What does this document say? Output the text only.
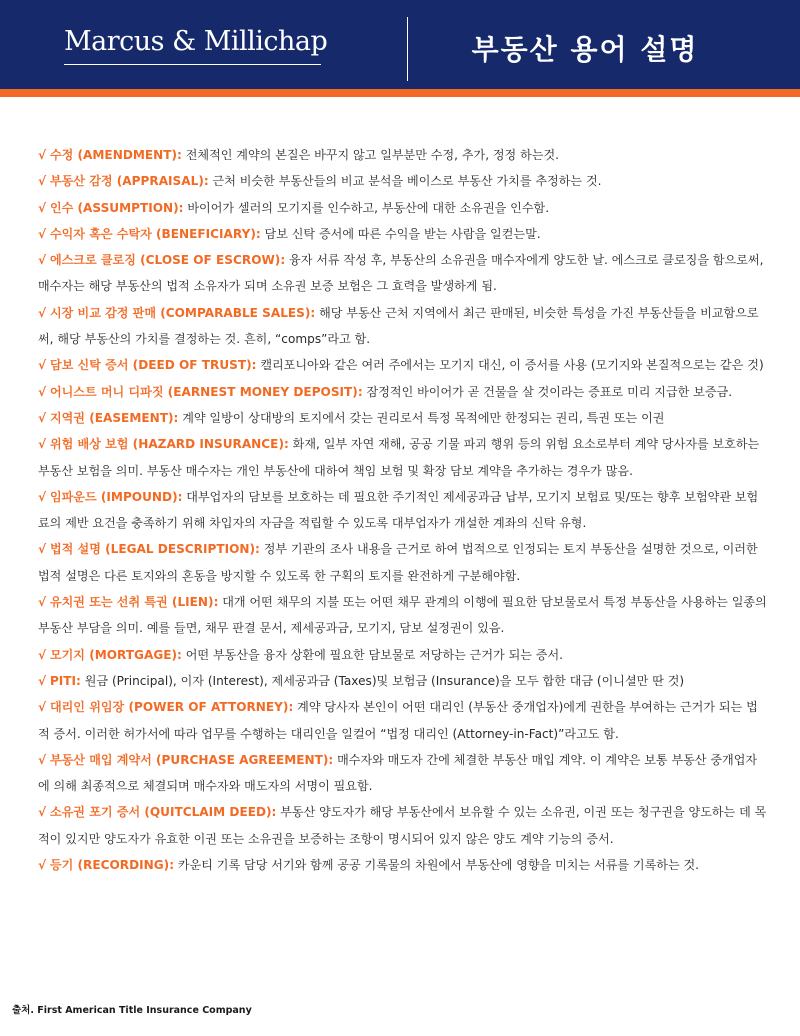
Marcus & Millichap	부동산 용어 설명
√ 수정 (AMENDMENT): 전체적인 계약의 본질은 바꾸지 않고 일부분만 수정, 추가, 정정 하는것.
√ 부동산 감정 (APPRAISAL): 근처 비슷한 부동산들의 비교 분석을 베이스로 부동산 가치를 추정하는 것.
√ 인수 (ASSUMPTION): 바이어가 셀러의 모기지를 인수하고, 부동산에 대한 소유권을 인수함.
√ 수익자 혹은 수탁자 (BENEFICIARY): 담보 신탁 증서에 따른 수익을 받는 사람을 일컫는말.
√ 에스크로 클로징 (CLOSE OF ESCROW): 융자 서류 작성 후, 부동산의 소유권을 매수자에게 양도한 날. 에스크로 클로징을 함으로써, 매수자는 해당 부동산의 법적 소유자가 되며 소유권 보증 보험은 그 효력을 발생하게 됨.
√ 시장 비교 감정 판매 (COMPARABLE SALES): 해당 부동산 근처 지역에서 최근 판매된, 비슷한 특성을 가진 부동산들을 비교함으로써, 해당 부동산의 가치를 결정하는 것. 흔히, “comps”라고 함.
√ 담보 신탁 증서 (DEED OF TRUST): 캘리포니아와 같은 여러 주에서는 모기지 대신, 이 증서를 사용 (모기지와 본질적으로는 같은 것)
√ 어니스트 머니 디파짓 (EARNEST MONEY DEPOSIT): 잠정적인 바이어가 곧 건물을 살 것이라는 증표로 미리 지급한 보증금.
√ 지역권 (EASEMENT): 계약 일방이 상대방의 토지에서 갖는 권리로서 특정 목적에만 한정되는 권리, 특권 또는 이권
√ 위험 배상 보험 (HAZARD INSURANCE): 화재, 일부 자연 재해, 공공 기물 파괴 행위 등의 위험 요소로부터 계약 당사자를 보호하는 부동산 보험을 의미. 부동산 매수자는 개인 부동산에 대하여 책임 보험 및 확장 담보 계약을 추가하는 경우가 많음.
√ 임파운드 (IMPOUND): 대부업자의 담보를 보호하는 데 필요한 주기적인 제세공과금 납부, 모기지 보험료 및/또는 향후 보험약관 보험료의 제반 요건을 충족하기 위해 차입자의 자금을 적립할 수 있도록 대부업자가 개설한 계좌의 신탁 유형.
√ 법적 설명 (LEGAL DESCRIPTION): 정부 기관의 조사 내용을 근거로 하여 법적으로 인정되는 토지 부동산을 설명한 것으로, 이러한 법적 설명은 다른 토지와의 혼동을 방지할 수 있도록 한 구획의 토지를 완전하게 구분해야함.
√ 유치권 또는 선취 특권 (LIEN): 대개 어떤 채무의 지불 또는 어떤 채무 관계의 이행에 필요한 담보물로서 특정 부동산을 사용하는 일종의 부동산 부담을 의미. 예를 들면, 채무 판결 문서, 제세공과금, 모기지, 담보 설정권이 있음.
√ 모기지 (MORTGAGE): 어떤 부동산을 융자 상환에 필요한 담보물로 저당하는 근거가 되는 증서.
√ PITI: 원금 (Principal), 이자 (Interest), 제세공과금 (Taxes)및 보험금 (Insurance)을 모두 합한 대금 (이니셜만 딴 것)
√ 대리인 위임장 (POWER OF ATTORNEY): 계약 당사자 본인이 어떤 대리인 (부동산 중개업자)에게 권한을 부여하는 근거가 되는 법적 증서. 이러한 허가서에 따라 업무를 수행하는 대리인을 일컬어 “법정 대리인 (Attorney-in-Fact)”라고도 함.
√ 부동산 매입 계약서 (PURCHASE AGREEMENT): 매수자와 매도자 간에 체결한 부동산 매입 계약. 이 계약은 보통 부동산 중개업자에 의해 최종적으로 체결되며 매수자와 매도자의 서명이 필요함.
√ 소유권 포기 증서 (QUITCLAIM DEED): 부동산 양도자가 해당 부동산에서 보유할 수 있는 소유권, 이권 또는 청구권을 양도하는 데 목적이 있지만 양도자가 유효한 이권 또는 소유권을 보증하는 조항이 명시되어 있지 않은 양도 계약 기능의 증서.
√ 등기 (RECORDING): 카운티 기록 담당 서기와 함께 공공 기록물의 차원에서 부동산에 영향을 미치는 서류를 기록하는 것.
출처. First American Title Insurance Company
